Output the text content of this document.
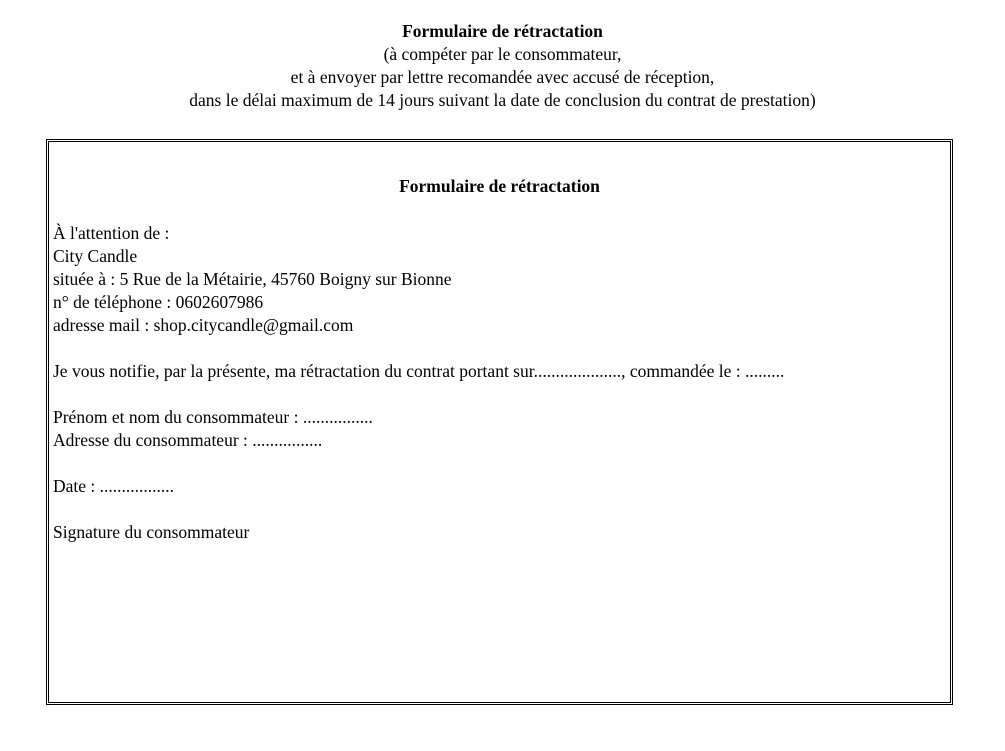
Formulaire de rétractation
(à compéter par le consommateur,
et à envoyer par lettre recomandée avec accusé de réception,
dans le délai maximum de 14 jours suivant la date de conclusion du contrat de prestation)
Formulaire de rétractation
À l'attention de :
City Candle
située à : 5 Rue de la Métairie, 45760 Boigny sur Bionne
n° de téléphone : 0602607986
adresse mail : shop.citycandle@gmail.com
Je vous notifie, par la présente, ma rétractation du contrat portant sur...................., commandée le : .........
Prénom et nom du consommateur : ................
Adresse du consommateur : ................
Date : .................
Signature du consommateur
